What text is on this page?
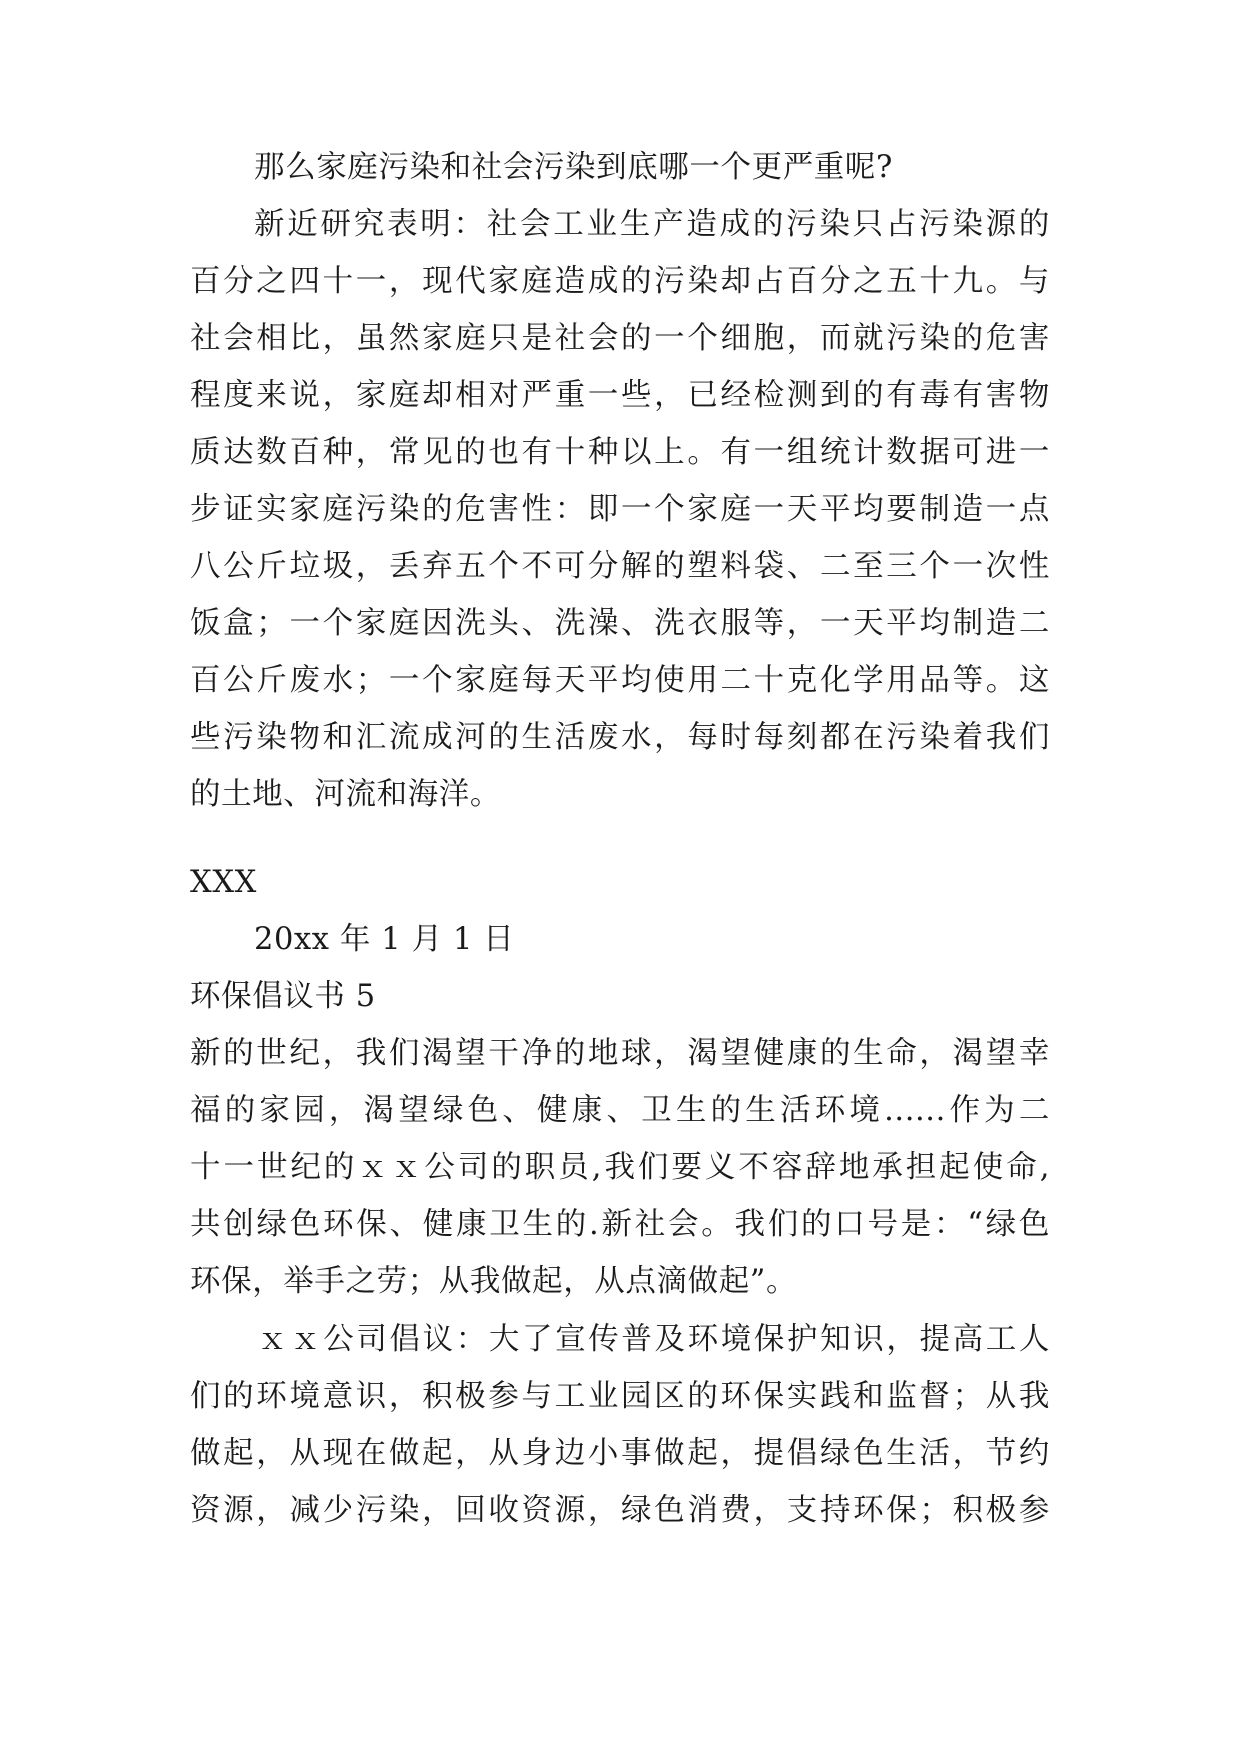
那么家庭污染和社会污染到底哪一个更严重呢?
新近研究表明：社会工业生产造成的污染只占污染源的
百分之四十一，现代家庭造成的污染却占百分之五十九。与
社会相比，虽然家庭只是社会的一个细胞，而就污染的危害
程度来说，家庭却相对严重一些，已经检测到的有毒有害物
质达数百种，常见的也有十种以上。有一组统计数据可进一
步证实家庭污染的危害性：即一个家庭一天平均要制造一点
八公斤垃圾，丢弃五个不可分解的塑料袋、二至三个一次性
饭盒；一个家庭因洗头、洗澡、洗衣服等，一天平均制造二
百公斤废水；一个家庭每天平均使用二十克化学用品等。这
些污染物和汇流成河的生活废水，每时每刻都在污染着我们
的土地、河流和海洋。
XXX
20xx 年 1 月 1 日
环保倡议书 5
新的世纪，我们渴望干净的地球，渴望健康的生命，渴望幸
福的家园，渴望绿色、健康、卫生的生活环境......作为二
十一世纪的ｘｘ公司的职员,我们要义不容辞地承担起使命,
共创绿色环保、健康卫生的.新社会。我们的口号是：“绿色
环保，举手之劳；从我做起，从点滴做起”。
ｘｘ公司倡议：大了宣传普及环境保护知识，提高工人
们的环境意识，积极参与工业园区的环保实践和监督；从我
做起，从现在做起，从身边小事做起，提倡绿色生活，节约
资源，减少污染，回收资源，绿色消费，支持环保；积极参
